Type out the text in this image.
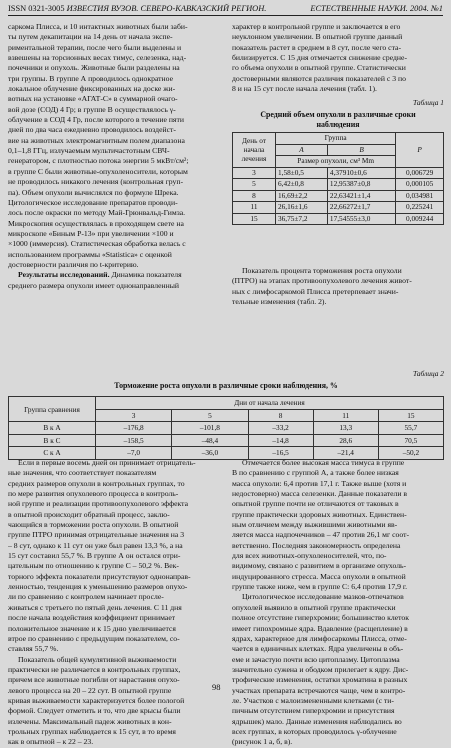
ISSN 0321-3005 ИЗВЕСТИЯ ВУЗОВ. СЕВЕРО-КАВКАЗСКИЙ РЕГИОН.	ЕСТЕСТВЕННЫЕ НАУКИ. 2004. №1
саркома Плисса, и 10 интактных животных были заби-
ты путем декапитации на 14 день от начала экспе-
риментальной терапии, после чего были выделены и
взвешены на торсионных весах тимус, селезенка, над-
почечники и опухоль. Животные были разделены на
три группы. В группе А проводилось однократное
локальное облучение фиксированных на доске жи-
вотных на установке «АГАТ-С» в суммарной очаго-
вой дозе (СОД) 4 Гр; в группе В осуществлялось γ-
облучение в СОД 4 Гр, после которого в течение пяти
дней по два часа ежедневно проводилось воздейст-
вие на животных электромагнитным полем диапазона
0,1–1,8 ГГц, излучаемым мультичастотным СВЧ-
генератором, с плотностью потока энергии 5 мкВт/см²;
в группе С были животные-опухоленосители, которым
не проводилось никакого лечения (контрольная груп-
па). Объем опухоли вычислялся по формуле Шрека.
Цитологическое исследование препаратов проводи-
лось после окраски по методу Май-Грюнвальд-Гимза.
Микроскопия осуществлялась в проходящем свете на
микроскопе «Биным P-13» при увеличении ×100 и
×1000 (иммерсия). Статистическая обработка велась с
использованием программы «Statistica» с оценкой
достоверности различия по t-критерию.
Результаты исследований. Динамика показателя
среднего размера опухоли имеет однонаправленный
характер в контрольной группе и заключается в его
неуклонном увеличении. В опытной группе данный
показатель растет в среднем в 8 сут, после чего ста-
билизируется. С 15 дня отмечается снижение средне-
го объема опухоли в опытной группе. Статистически
достоверными являются различия показателей с 3 по
8 и на 15 сут после начала лечения (табл. 1).
Таблица 1
Средний объем опухоли в различные сроки наблюдения
День от начала лечения	Группа		P
	A	B	
	Размер опухоли, см³ Mm		
3	1,58±0,5	4,37910±0,6	0,006729
5	6,42±0,8	12,95387±0,8	0,000105
8	16,69±2,2	22,63421±1,4	0,034981
11	26,16±1,6	22,66272±1,7	0,225241
15	36,75±7,2	17,54555±3,0	0,009244
Показатель процента торможения роста опухоли
(ПТРО) на этапах противоопухолевого лечения живот-
ных с лимфосаркомой Плисса претерпевает значи-
тельные изменения (табл. 2).
Таблица 2
Торможение роста опухоли в различные сроки наблюдения, %
Группа сравнения	Дни от начала лечения				
	3	5	8	11	15
В к А	–176,8	–101,8	–33,2	13,3	55,7
В к С	–158,5	–48,4	–14,8	28,6	70,5
С к А	–7,0	–36,0	–16,5	–21,4	–50,2
Если в первые восемь дней он принимает отрицатель-
ные значения, что соответствует показателям
средних размеров опухоли в контрольных группах, то
по мере развития опухолевого процесса в контроль-
ной группе и реализации противоопухолевого эффекта
в опытной происходит обратный процесс, заклю-
чающийся в торможении роста опухоли. В опытной
группе ПТРО принимая отрицательные значения на 3
– 8 сут, однако к 11 сут он уже был равен 13,3 %, а на
15 сут составил 55,7 %. В группе А он остался отри-
цательным по отношению к группе С – 50,2 %. Век-
торного эффекта показатели присутствуют однонаправ-
ленностью, тенденция к уменьшению размеров опухо-
ли по сравнению с контролем начинает просле-
живаться с третьего по пятый день лечения. С 11 дня
после начала воздействия коэффициент принимает
положительное значение и к 15 дню увеличивается
втрое по сравнению с предыдущим показателем, со-
ставляя 55,7 %.
Показатель общей кумулятивной выживаемости
практически не различается в контрольных группах,
причем все животные погибли от нарастания опухо-
левого процесса на 20 – 22 сут. В опытной группе
кривая выживаемости характеризуется более пологой
формой. Следует отметить и то, что две крысы были
излечены. Максимальный падеж животных в кон-
трольных группах наблюдается к 15 сут, в то время
как в опытной – к 22 – 23.
Отмечается более высокая масса тимуса в группе
В по сравнению с группой А, а также более низкая
масса опухоли: 6,4 против 17,1 г. Также выше (хотя и
недостоверно) масса селезенки. Данные показатели в
опытной группе почти не отличаются от таковых в
группе практически здоровых животных. Единствен-
ным отличием между выжившими животными яв-
ляется масса надпочечников – 47 против 26,1 мг соот-
ветственно. Последняя закономерность определена
для всех животных-опухоленосителей, что, по-
видимому, связано с развитием в организме опухоль-
индуцированного стресса. Масса опухоли в опытной
группе также ниже, чем в группе С: 6,4 против 17,9 г.
Цитологическое исследование мазков-отпечатков
опухолей выявило в опытной группе практически
полное отсутствие гиперхромии; большинство клеток
имеет гипохромные ядра. Вдавление (расщепление) в
ядрах, характерное для лимфосаркомы Плисса, отме-
чается в единичных клетках. Ядра увеличены в объ-
еме и зачастую почти всю цитоплазму. Цитоплазма
значительно сужена и ободком прилегает к ядру. Дис-
трофические изменения, остатки хроматина в разных
участках препарата встречаются чаще, чем в контро-
ле. Участков с малоизмененными клетками (с ти-
пичным отсутствием гиперхромии и присутствия
ядрышек) мало. Данные изменения наблюдались во
всех группах, в которых проводилось γ-облучение
(рисунок 1 а, б, в).
98
